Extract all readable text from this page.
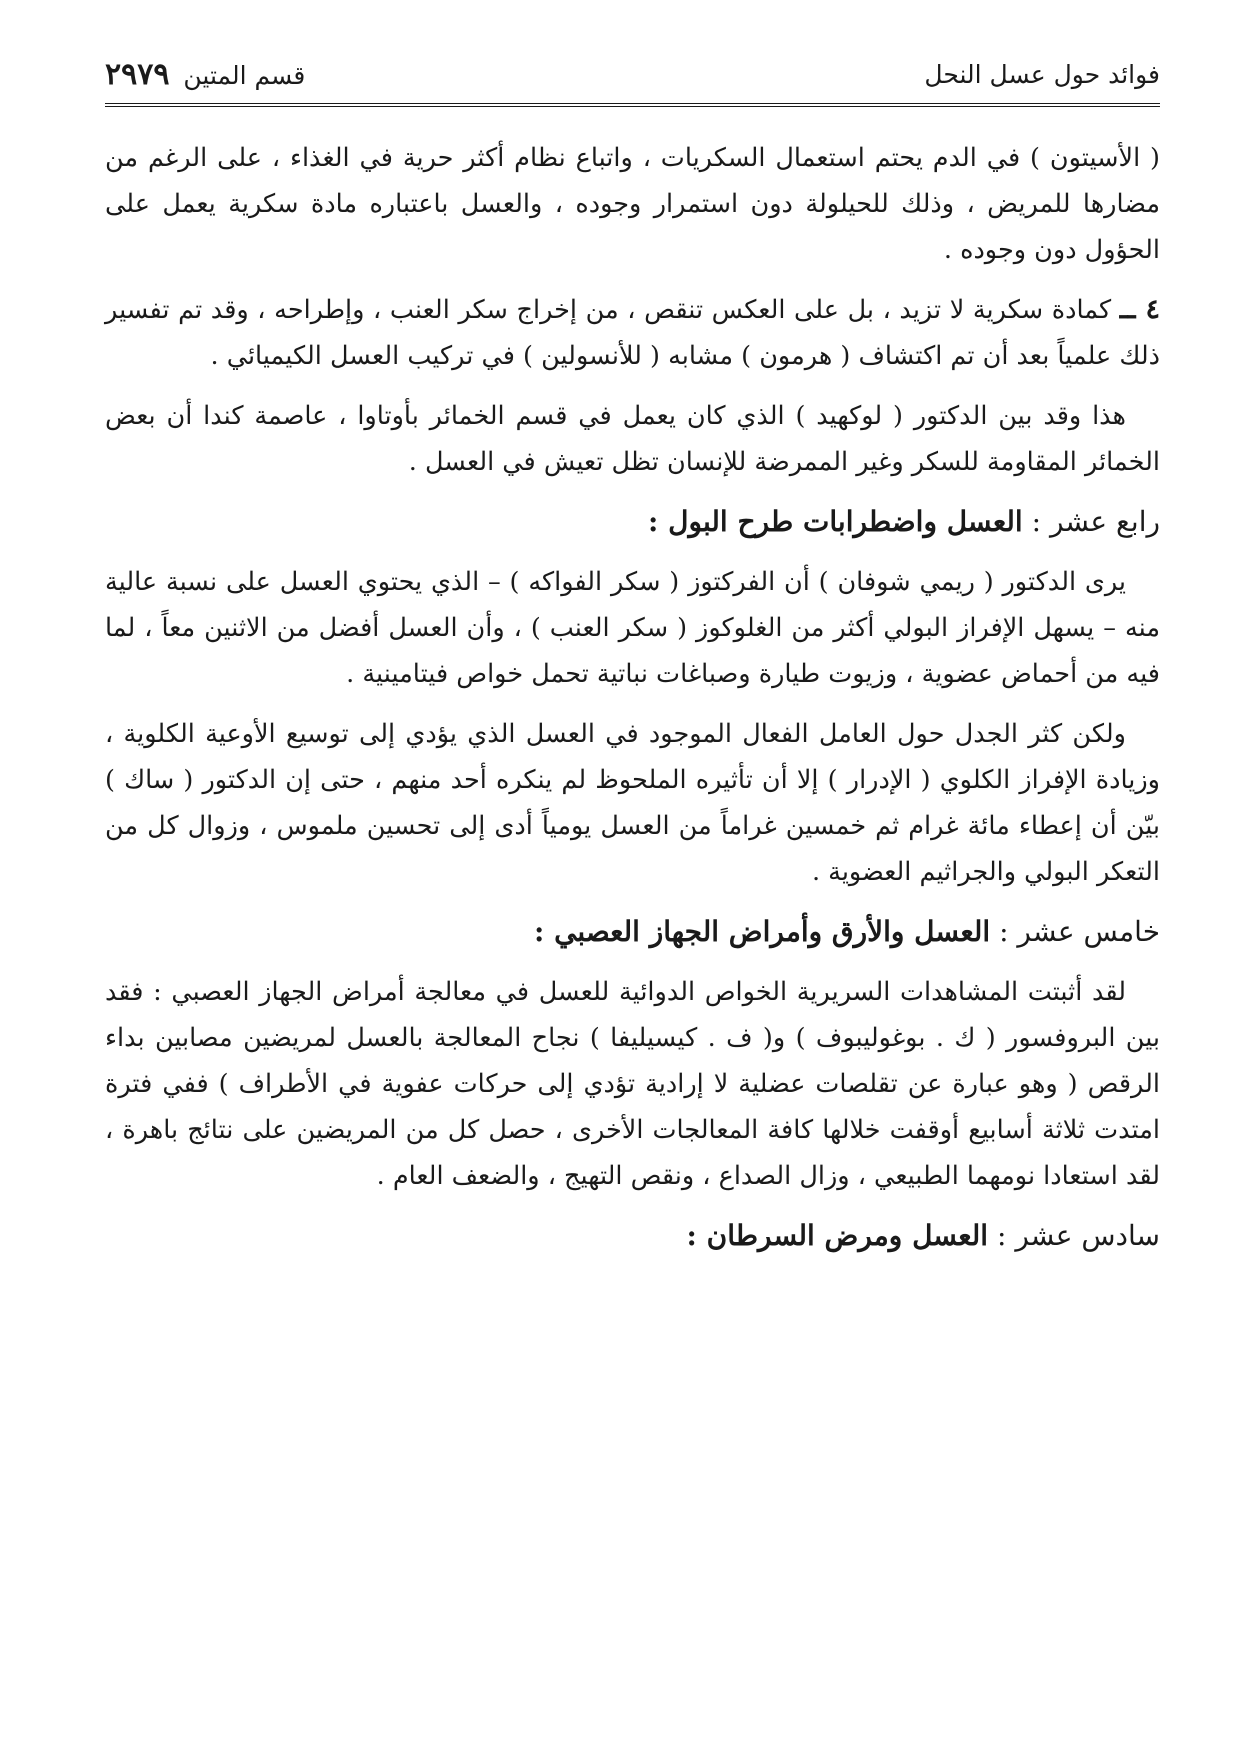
فوائد حول عسل النحل
قسم المتين ٢٩٧٩

( الأسيتون ) في الدم يحتم استعمال السكريات ، واتباع نظام أكثر حرية في الغذاء ، على الرغم من مضارها للمريض ، وذلك للحيلولة دون استمرار وجوده ، والعسل باعتباره مادة سكرية يعمل على الحؤول دون وجوده .

٤ ــ كمادة سكرية لا تزيد ، بل على العكس تنقص ، من إخراج سكر العنب ، وإطراحه ، وقد تم تفسير ذلك علمياً بعد أن تم اكتشاف ( هرمون ) مشابه ( للأنسولين ) في تركيب العسل الكيميائي .

هذا وقد بين الدكتور ( لوكهيد ) الذي كان يعمل في قسم الخمائر بأوتاوا ، عاصمة كندا أن بعض الخمائر المقاومة للسكر وغير الممرضة للإنسان تظل تعيش في العسل .

رابع عشر : العسل واضطرابات طرح البول :

يرى الدكتور ( ريمي شوفان ) أن الفركتوز ( سكر الفواكه ) – الذي يحتوي العسل على نسبة عالية منه – يسهل الإفراز البولي أكثر من الغلوكوز ( سكر العنب ) ، وأن العسل أفضل من الاثنين معاً ، لما فيه من أحماض عضوية ، وزيوت طيارة وصباغات نباتية تحمل خواص فيتامينية .

ولكن كثر الجدل حول العامل الفعال الموجود في العسل الذي يؤدي إلى توسيع الأوعية الكلوية ، وزيادة الإفراز الكلوي ( الإدرار ) إلا أن تأثيره الملحوظ لم ينكره أحد منهم ، حتى إن الدكتور ( ساك ) بيّن أن إعطاء مائة غرام ثم خمسين غراماً من العسل يومياً أدى إلى تحسين ملموس ، وزوال كل من التعكر البولي والجراثيم العضوية .

خامس عشر : العسل والأرق وأمراض الجهاز العصبي :

لقد أثبتت المشاهدات السريرية الخواص الدوائية للعسل في معالجة أمراض الجهاز العصبي : فقد بين البروفسور ( ك . بوغوليبوف ) و( ف . كيسيليفا ) نجاح المعالجة بالعسل لمريضين مصابين بداء الرقص ( وهو عبارة عن تقلصات عضلية لا إرادية تؤدي إلى حركات عفوية في الأطراف ) ففي فترة امتدت ثلاثة أسابيع أوقفت خلالها كافة المعالجات الأخرى ، حصل كل من المريضين على نتائج باهرة ، لقد استعادا نومهما الطبيعي ، وزال الصداع ، ونقص التهيج ، والضعف العام .

سادس عشر : العسل ومرض السرطان :
